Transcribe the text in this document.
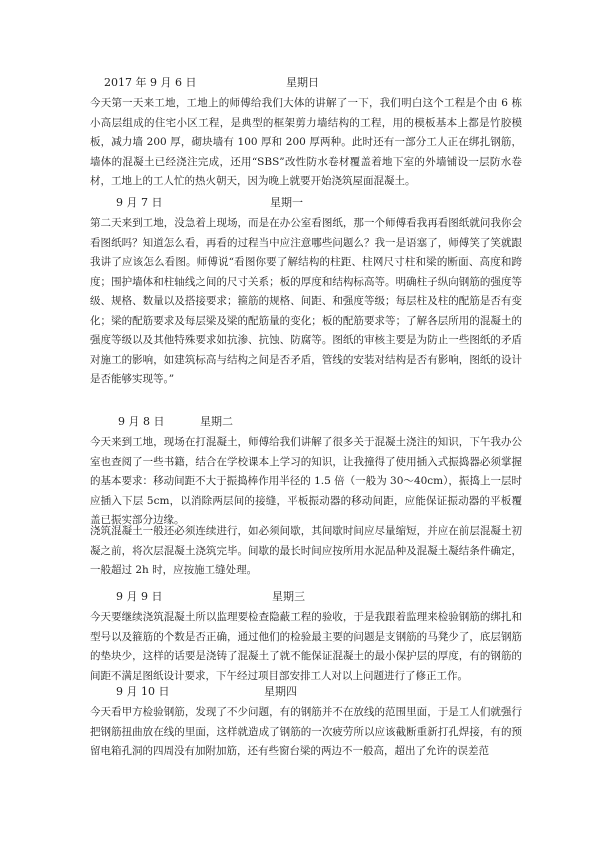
2017 年 9 月 6 日	星期日

今天第一天来工地，工地上的师傅给我们大体的讲解了一下，我们明白这个工程是个由 6 栋小高层组成的住宅小区工程，是典型的框架剪力墙结构的工程，用的模板基本上都是竹胶模板，减力墙 200 厚，砌块墙有 100 厚和 200 厚两种。此时还有一部分工人正在绑扎钢筋，墙体的混凝土已经浇注完成，还用“SBS”改性防水卷材覆盖着地下室的外墙铺设一层防水卷材，工地上的工人忙的热火朝天，因为晚上就要开始浇筑屋面混凝土。

9 月 7 日	星期一

第二天来到工地，没急着上现场，而是在办公室看图纸，那一个师傅看我再看图纸就问我你会看图纸吗？知道怎么看，再看的过程当中应注意哪些问题么？我一是语塞了，师傅笑了笑就跟我讲了应该怎么看图。师傅说“看图你要了解结构的柱距、柱网尺寸柱和梁的断面、高度和跨度；围护墙体和柱轴线之间的尺寸关系；板的厚度和结构标高等。明确柱子纵向钢筋的强度等级、规格、数量以及搭接要求；箍筋的规格、间距、和强度等级；每层柱及柱的配筋是否有变化；梁的配筋要求及每层梁及梁的配筋量的变化；板的配筋要求等；了解各层所用的混凝土的强度等级以及其他特殊要求如抗渗、抗蚀、防腐等。图纸的审核主要是为防止一些图纸的矛盾对施工的影响，如建筑标高与结构之间是否矛盾，管线的安装对结构是否有影响，图纸的设计是否能够实现等。”

9 月 8 日	星期二

今天来到工地，现场在打混凝土，师傅给我们讲解了很多关于混凝土浇注的知识，下午我办公室也查阅了一些书籍，结合在学校课本上学习的知识，让我撞得了使用插入式振捣器必须掌握的基本要求：移动间距不大于振捣棒作用半径的 1.5 倍（一般为 30～40cm），振捣上一层时应插入下层 5cm，以消除两层间的接缝，平板振动器的移动间距，应能保证振动器的平板覆盖已振实部分边缘。

浇筑混凝土一般还必须连续进行，如必须间歇，其间歇时间应尽量缩短，并应在前层混凝土初凝之前，将次层混凝土浇筑完毕。间歇的最长时间应按所用水泥品种及混凝土凝结条件确定，一般超过 2h 时，应按施工缝处理。

9 月 9 日	星期三

今天要继续浇筑混凝土所以监理要检查隐蔽工程的验收，于是我跟着监理来检验钢筋的绑扎和型号以及箍筋的个数是否正确，通过他们的检验最主要的问题是支钢筋的马凳少了，底层钢筋的垫块少，这样的话要是浇铸了混凝土了就不能保证混凝土的最小保护层的厚度，有的钢筋的间距不满足图纸设计要求，下午经过项目部安排工人对以上问题进行了修正工作。

9 月 10 日	星期四

今天看甲方检验钢筋，发现了不少问题，有的钢筋并不在放线的范围里面，于是工人们就强行把钢筋扭曲放在线的里面，这样就造成了钢筋的一次疲劳所以应该截断重新打孔焊接，有的预留电箱孔洞的四周没有加附加筋，还有些窗台梁的两边不一般高，超出了允许的误差范
